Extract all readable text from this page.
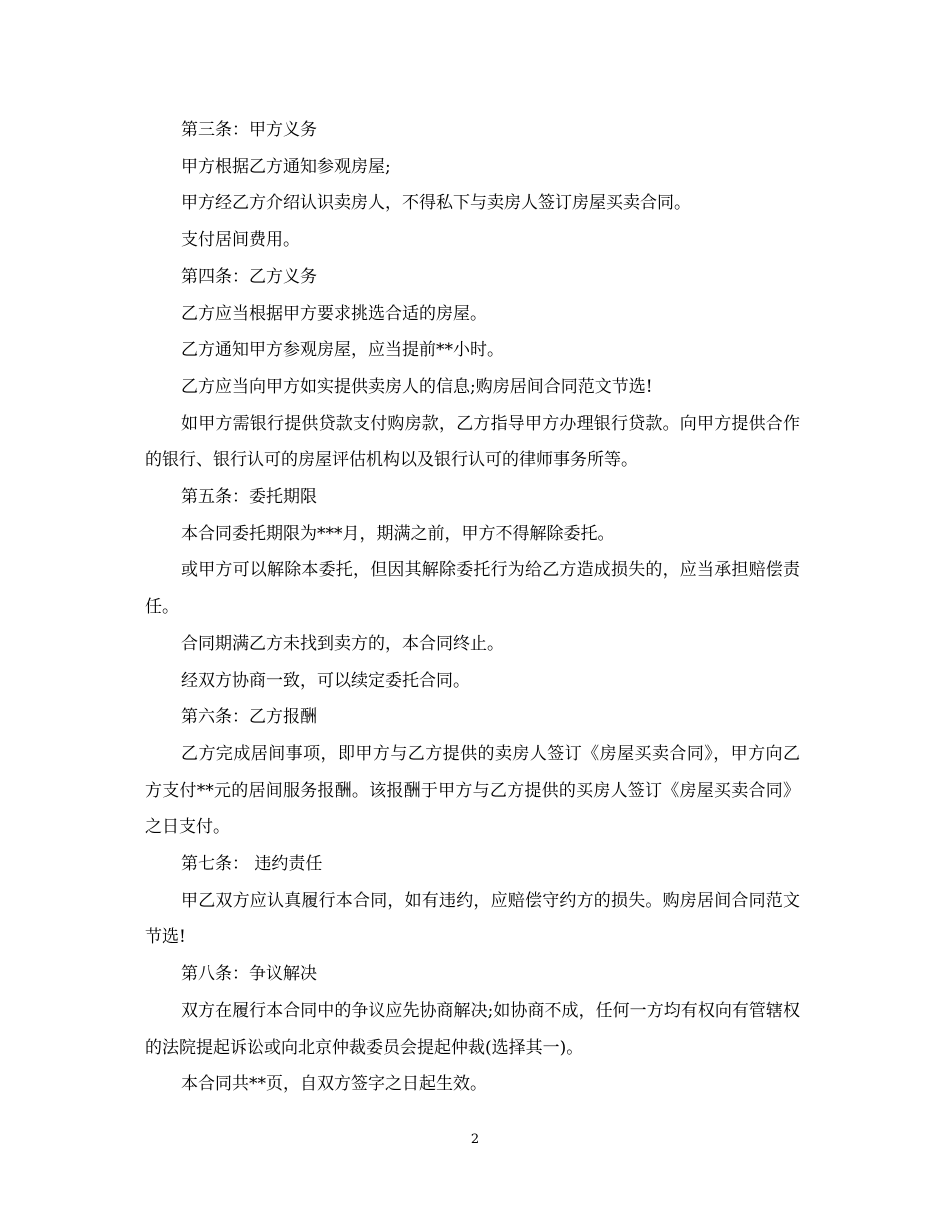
第三条：甲方义务

甲方根据乙方通知参观房屋;

甲方经乙方介绍认识卖房人，不得私下与卖房人签订房屋买卖合同。

支付居间费用。

第四条：乙方义务

乙方应当根据甲方要求挑选合适的房屋。

乙方通知甲方参观房屋，应当提前**小时。

乙方应当向甲方如实提供卖房人的信息;购房居间合同范文节选!

如甲方需银行提供贷款支付购房款，乙方指导甲方办理银行贷款。向甲方提供合作的银行、银行认可的房屋评估机构以及银行认可的律师事务所等。

第五条：委托期限

本合同委托期限为***月，期满之前，甲方不得解除委托。

或甲方可以解除本委托，但因其解除委托行为给乙方造成损失的，应当承担赔偿责任。

合同期满乙方未找到卖方的，本合同终止。

经双方协商一致，可以续定委托合同。

第六条：乙方报酬

乙方完成居间事项，即甲方与乙方提供的卖房人签订《房屋买卖合同》，甲方向乙方支付**元的居间服务报酬。该报酬于甲方与乙方提供的买房人签订《房屋买卖合同》之日支付。

第七条： 违约责任

甲乙双方应认真履行本合同，如有违约，应赔偿守约方的损失。购房居间合同范文节选!

第八条：争议解决

双方在履行本合同中的争议应先协商解决;如协商不成，任何一方均有权向有管辖权的法院提起诉讼或向北京仲裁委员会提起仲裁(选择其一)。

本合同共**页，自双方签字之日起生效。

2
